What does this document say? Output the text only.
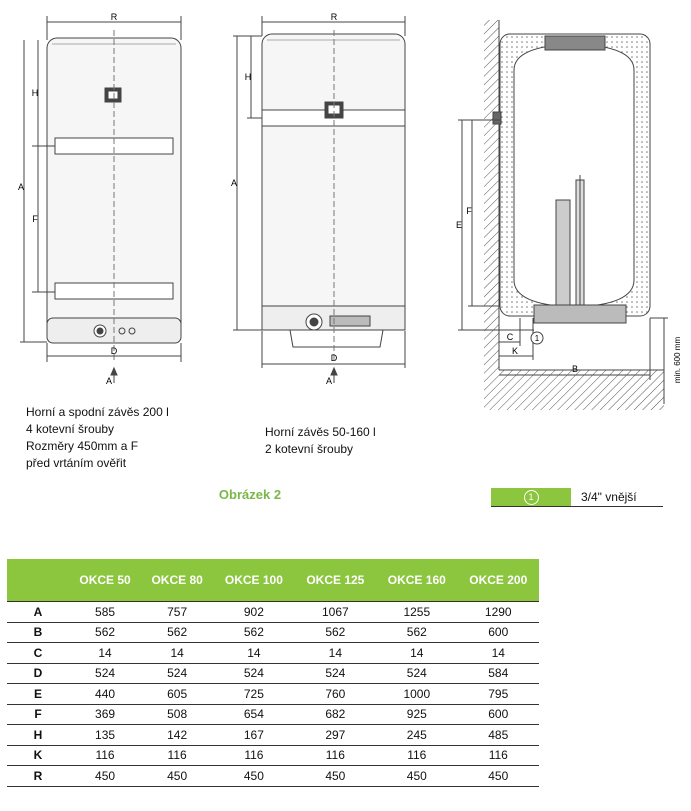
R
A
H
F
D
A
R
A
H
D
A
E
F
C
K
B
1	min. 600 mm
Horní a spodní závěs 200 l
4 kotevní šrouby
Rozměry 450mm a F
před vrtáním ověřit
Horní závěs 50-160 l
2 kotevní šrouby
Obrázek 2	1	3/4" vnější
	OKCE 50	OKCE 80	OKCE 100	OKCE 125	OKCE 160	OKCE 200
A	585	757	902	1067	1255	1290
B	562	562	562	562	562	600
C	14	14	14	14	14	14
D	524	524	524	524	524	584
E	440	605	725	760	1000	795
F	369	508	654	682	925	600
H	135	142	167	297	245	485
K	116	116	116	116	116	116
R	450	450	450	450	450	450
